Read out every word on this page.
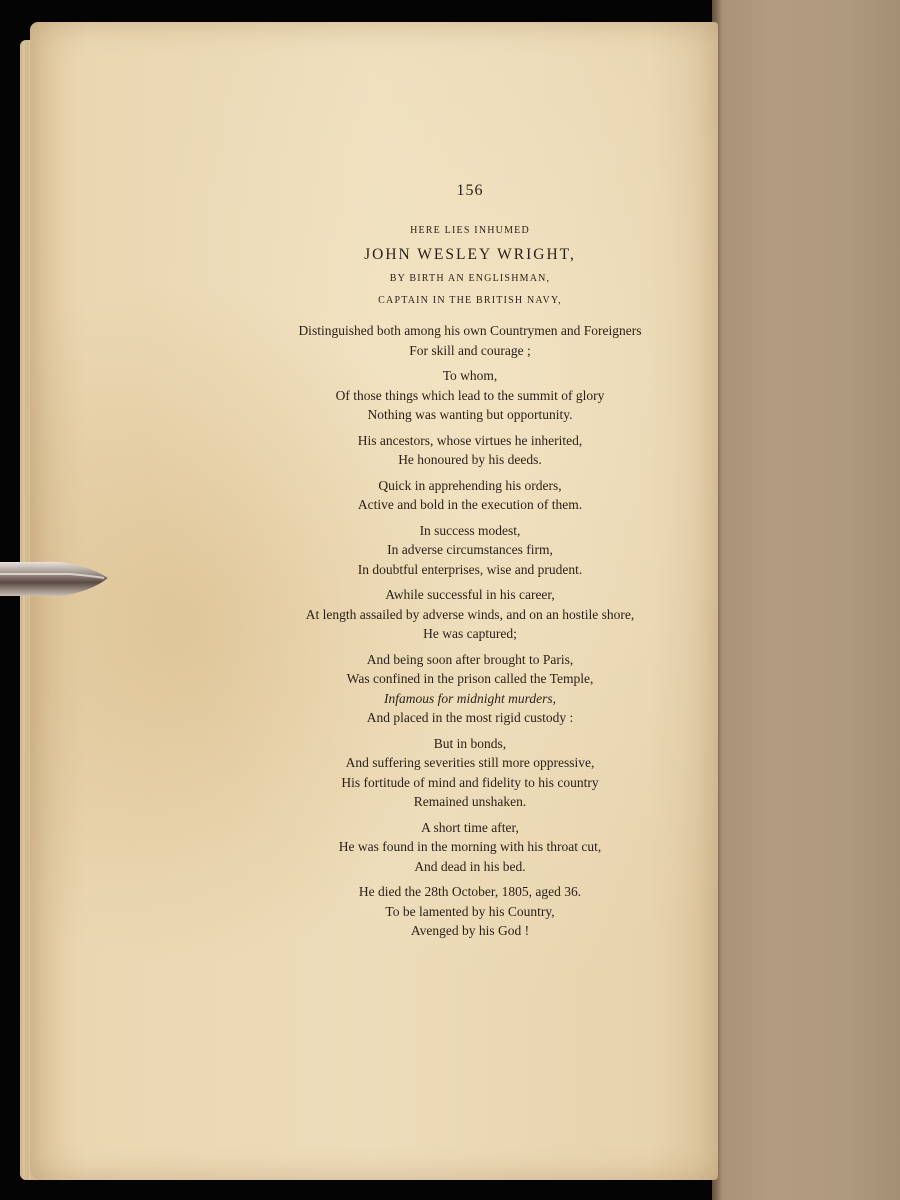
156

HERE LIES INHUMED

JOHN WESLEY WRIGHT,

BY BIRTH AN ENGLISHMAN,

CAPTAIN IN THE BRITISH NAVY,

Distinguished both among his own Countrymen and Foreigners

For skill and courage ;

To whom,

Of those things which lead to the summit of glory

Nothing was wanting but opportunity.

His ancestors, whose virtues he inherited,

He honoured by his deeds.

Quick in apprehending his orders,

Active and bold in the execution of them.

In success modest,

In adverse circumstances firm,

In doubtful enterprises, wise and prudent.

Awhile successful in his career,

At length assailed by adverse winds, and on an hostile shore,

He was captured;

And being soon after brought to Paris,

Was confined in the prison called the Temple,

Infamous for midnight murders,

And placed in the most rigid custody :

But in bonds,

And suffering severities still more oppressive,

His fortitude of mind and fidelity to his country

Remained unshaken.

A short time after,

He was found in the morning with his throat cut,

And dead in his bed.

He died the 28th October, 1805, aged 36.

To be lamented by his Country,

Avenged by his God !
